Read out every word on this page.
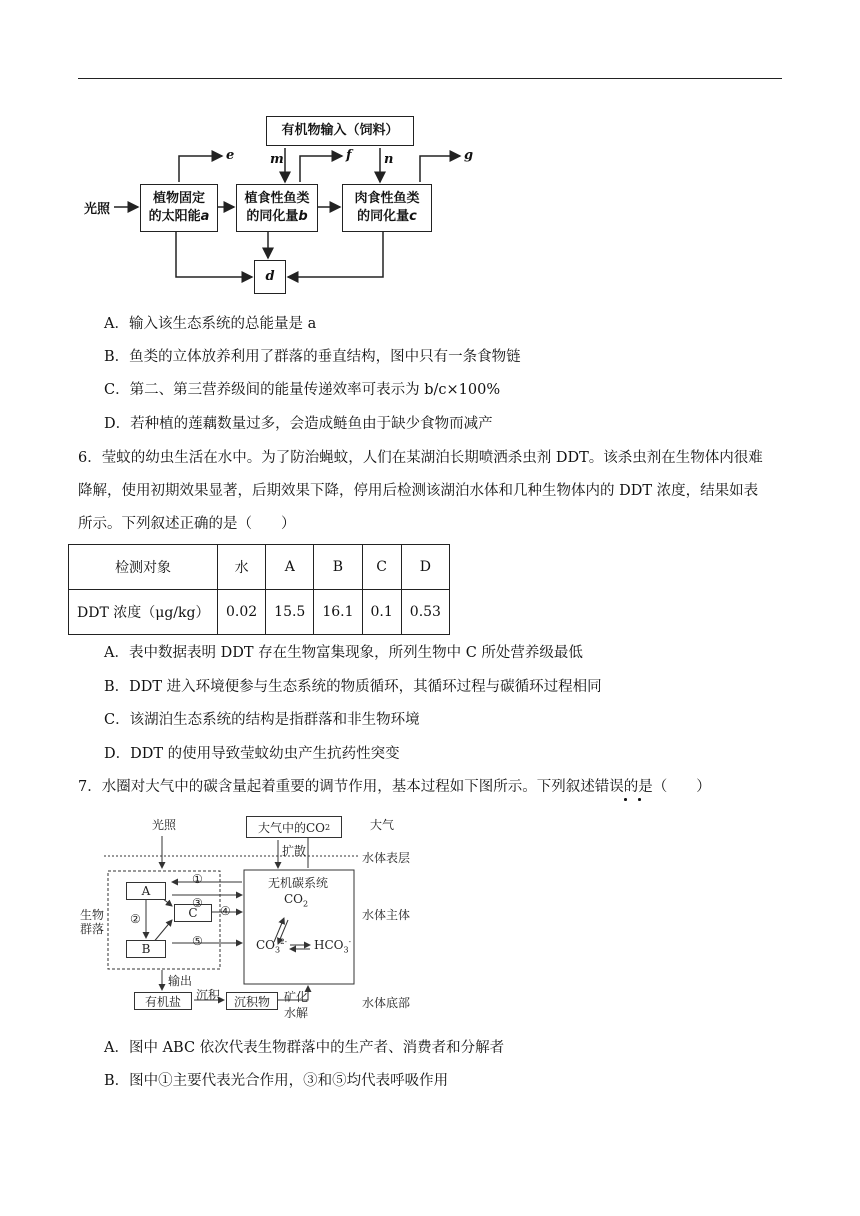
光照
有机物输入（饲料）
植物固定
的太阳能a
植食性鱼类
的同化量b
肉食性鱼类
的同化量c
d
e	m	f n	g
A．输入该生态系统的总能量是 a
B．鱼类的立体放养利用了群落的垂直结构，图中只有一条食物链
C．第二、第三营养级间的能量传递效率可表示为 b/c×100%
D．若种植的莲藕数量过多，会造成鲢鱼由于缺少食物而减产
6．莹蚊的幼虫生活在水中。为了防治蝇蚊，人们在某湖泊长期喷洒杀虫剂 DDT。该杀虫剂在生物体内很难
降解，使用初期效果显著，后期效果下降，停用后检测该湖泊水体和几种生物体内的 DDT 浓度，结果如表
所示。下列叙述正确的是（　　）
检测对象	水	A	B	C	D
DDT 浓度（μg/kg）	0.02	15.5	16.1	0.1	0.53
A．表中数据表明 DDT 存在生物富集现象，所列生物中 C 所处营养级最低
B．DDT 进入环境便参与生态系统的物质循环，其循环过程与碳循环过程相同
C．该湖泊生态系统的结构是指群落和非生物环境
D．DDT 的使用导致莹蚊幼虫产生抗药性突变
7．水圈对大气中的碳含量起着重要的调节作用，基本过程如下图所示。下列叙述错误的是（　　）
光照	大气中的CO 2	大气
扩散	水体表层
水体主体
水体底部
生物
群落
A
C
B
①
③
④
⑤
②
无机碳系统
$CO_2$
$CO_3^{2-}$ $HCO_3^-$
输出
有机盐 沉积 沉积物 矿化
水解
A．图中 ABC 依次代表生物群落中的生产者、消费者和分解者
B．图中①主要代表光合作用，③和⑤均代表呼吸作用
